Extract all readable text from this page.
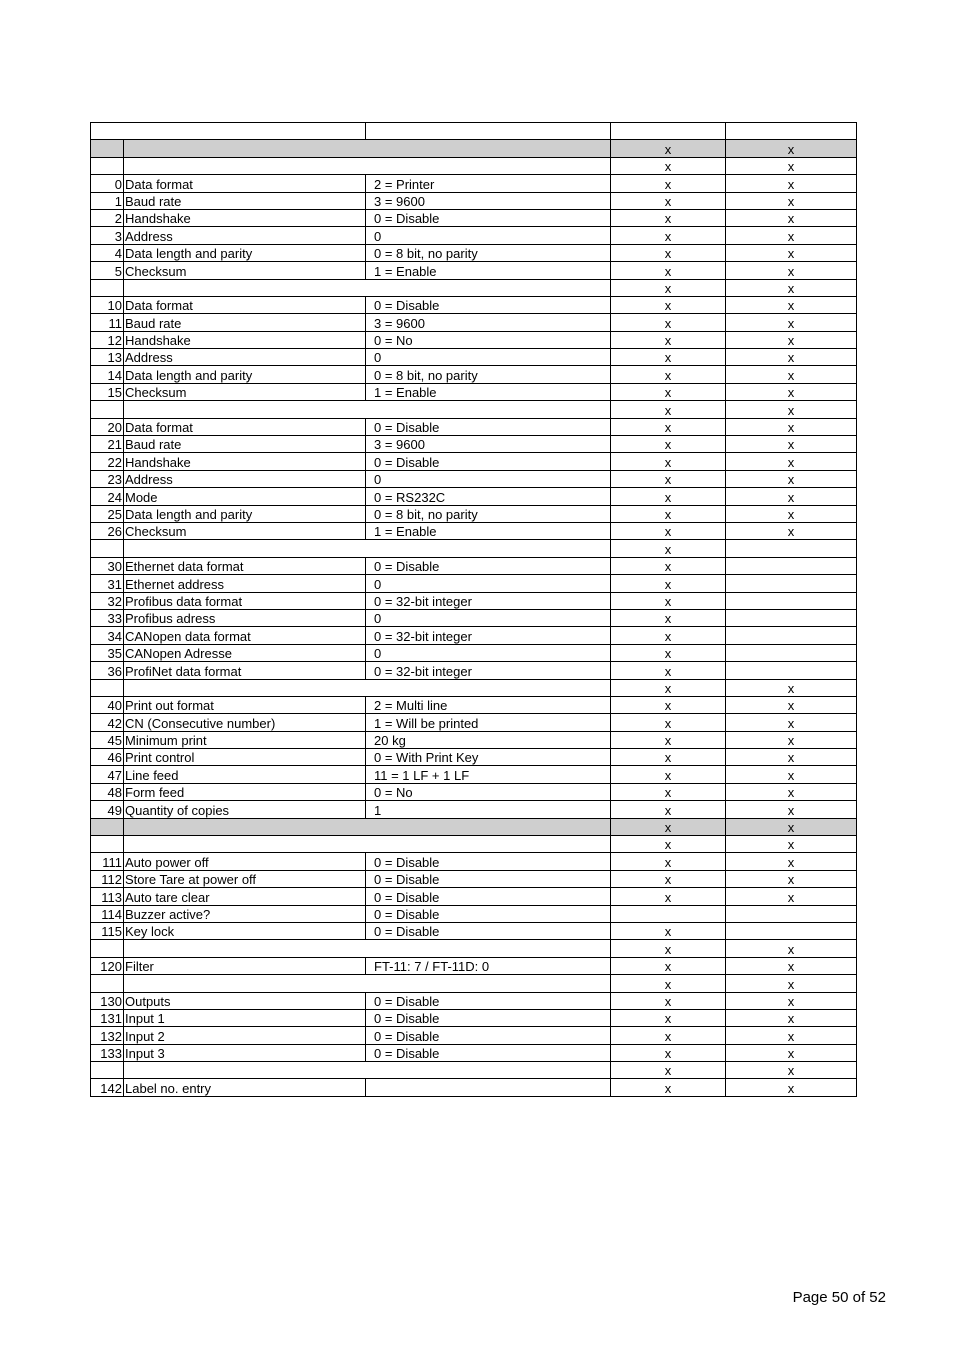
			x	x
			x	x
0	Data format	2 = Printer	x	x
1	Baud rate	3 = 9600	x	x
2	Handshake	0 = Disable	x	x
3	Address	0	x	x
4	Data length and parity	0 = 8 bit, no parity	x	x
5	Checksum	1 = Enable	x	x
			x	x
10	Data format	0 = Disable	x	x
11	Baud rate	3 = 9600	x	x
12	Handshake	0 = No	x	x
13	Address	0	x	x
14	Data length and parity	0 = 8 bit, no parity	x	x
15	Checksum	1 = Enable	x	x
			x	x
20	Data format	0 = Disable	x	x
21	Baud rate	3 = 9600	x	x
22	Handshake	0 = Disable	x	x
23	Address	0	x	x
24	Mode	0 = RS232C	x	x
25	Data length and parity	0 = 8 bit, no parity	x	x
26	Checksum	1 = Enable	x	x
			x	
30	Ethernet data format	0 = Disable	x	
31	Ethernet address	0	x	
32	Profibus data format	0 = 32-bit integer	x	
33	Profibus adress	0	x	
34	CANopen data format	0 = 32-bit integer	x	
35	CANopen Adresse	0	x	
36	ProfiNet data format	0 = 32-bit integer	x	
			x	x
40	Print out format	2 = Multi line	x	x
42	CN (Consecutive number)	1 = Will be printed	x	x
45	Minimum print	20 kg	x	x
46	Print control	0 = With Print Key	x	x
47	Line feed	11 = 1 LF + 1 LF	x	x
48	Form feed	0 = No	x	x
49	Quantity of copies	1	x	x
			x	x
			x	x
111	Auto power off	0 = Disable	x	x
112	Store Tare at power off	0 = Disable	x	x
113	Auto tare clear	0 = Disable	x	x
114	Buzzer active?	0 = Disable		
115	Key lock	0 = Disable	x	
			x	x
120	Filter	FT-11: 7 / FT-11D: 0	x	x
			x	x
130	Outputs	0 = Disable	x	x
131	Input 1	0 = Disable	x	x
132	Input 2	0 = Disable	x	x
133	Input 3	0 = Disable	x	x
			x	x
142	Label no. entry		x	x
Page 50 of 52
